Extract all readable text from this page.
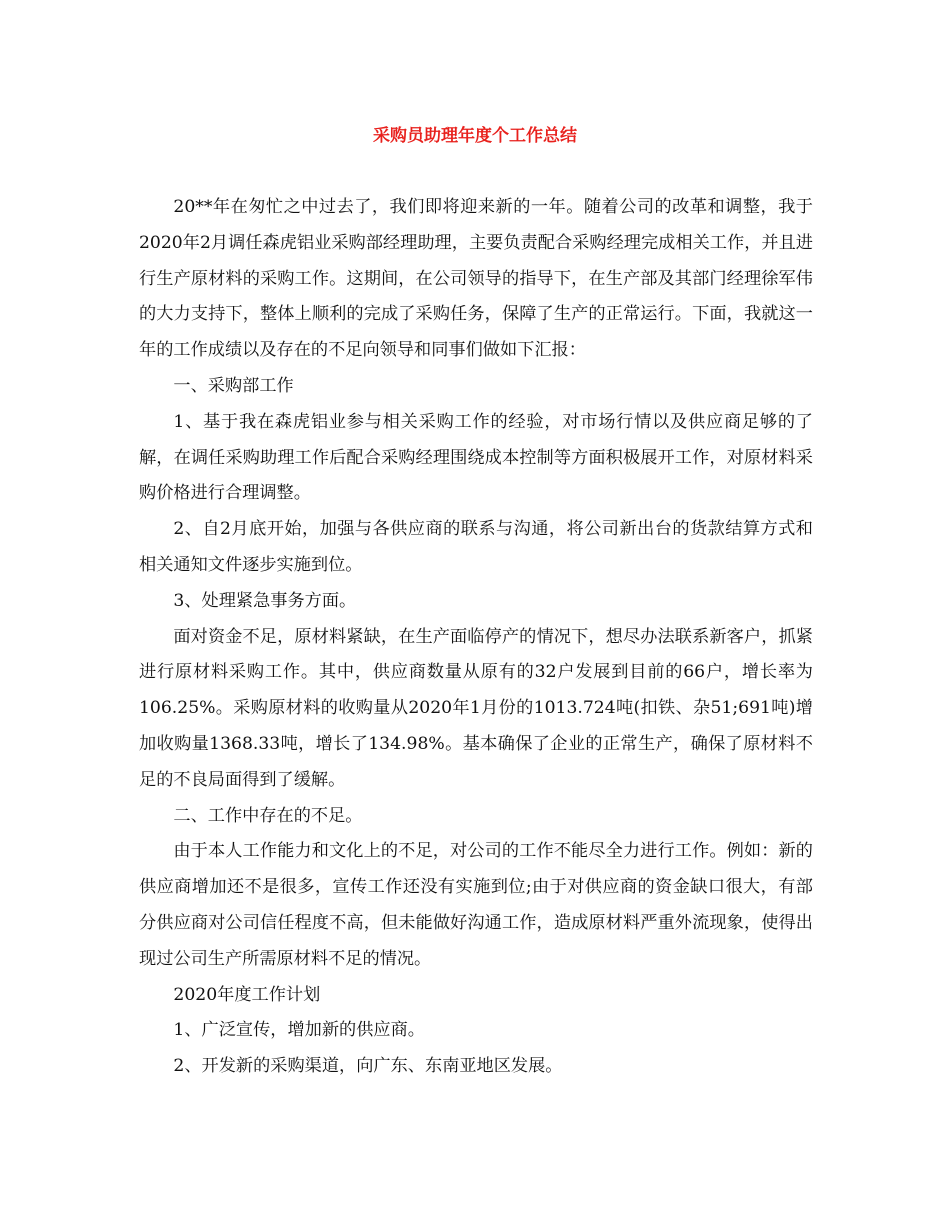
采购员助理年度个工作总结

20**年在匆忙之中过去了，我们即将迎来新的一年。随着公司的改革和调整，我于2020年2月调任森虎铝业采购部经理助理，主要负责配合采购经理完成相关工作，并且进行生产原材料的采购工作。这期间，在公司领导的指导下，在生产部及其部门经理徐军伟的大力支持下，整体上顺利的完成了采购任务，保障了生产的正常运行。下面，我就这一年的工作成绩以及存在的不足向领导和同事们做如下汇报：

一、采购部工作

1、基于我在森虎铝业参与相关采购工作的经验，对市场行情以及供应商足够的了解，在调任采购助理工作后配合采购经理围绕成本控制等方面积极展开工作，对原材料采购价格进行合理调整。

2、自2月底开始，加强与各供应商的联系与沟通，将公司新出台的货款结算方式和相关通知文件逐步实施到位。

3、处理紧急事务方面。

面对资金不足，原材料紧缺，在生产面临停产的情况下，想尽办法联系新客户，抓紧进行原材料采购工作。其中，供应商数量从原有的32户发展到目前的66户，增长率为106.25%。采购原材料的收购量从2020年1月份的1013.724吨(扣铁、杂51;691吨)增加收购量1368.33吨，增长了134.98%。基本确保了企业的正常生产，确保了原材料不足的不良局面得到了缓解。

二、工作中存在的不足。

由于本人工作能力和文化上的不足，对公司的工作不能尽全力进行工作。例如：新的供应商增加还不是很多，宣传工作还没有实施到位;由于对供应商的资金缺口很大，有部分供应商对公司信任程度不高，但未能做好沟通工作，造成原材料严重外流现象，使得出现过公司生产所需原材料不足的情况。

2020年度工作计划

1、广泛宣传，增加新的供应商。

2、开发新的采购渠道，向广东、东南亚地区发展。
